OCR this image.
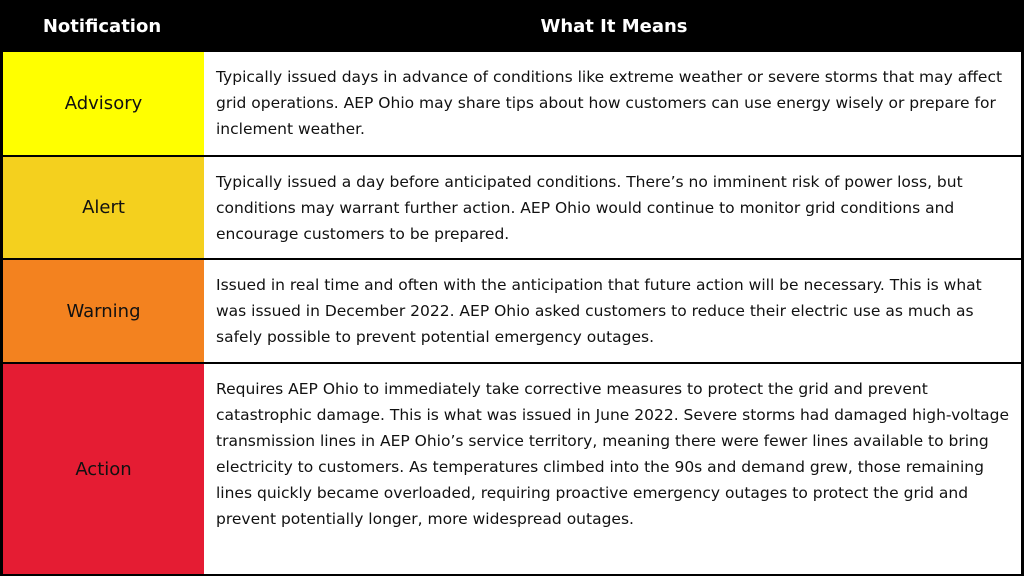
Notification	What It Means
Advisory
Typically issued days in advance of conditions like extreme weather or severe storms that may affect grid operations. AEP Ohio may share tips about how customers can use energy wisely or prepare for inclement weather.
Alert
Typically issued a day before anticipated conditions. There’s no imminent risk of power loss, but conditions may warrant further action. AEP Ohio would continue to monitor grid conditions and encourage customers to be prepared.
Warning
Issued in real time and often with the anticipation that future action will be necessary. This is what was issued in December 2022. AEP Ohio asked customers to reduce their electric use as much as safely possible to prevent potential emergency outages.
Action
Requires AEP Ohio to immediately take corrective measures to protect the grid and prevent catastrophic damage. This is what was issued in June 2022. Severe storms had damaged high-voltage transmission lines in AEP Ohio’s service territory, meaning there were fewer lines available to bring electricity to customers. As temperatures climbed into the 90s and demand grew, those remaining lines quickly became overloaded, requiring proactive emergency outages to protect the grid and prevent potentially longer, more widespread outages.
